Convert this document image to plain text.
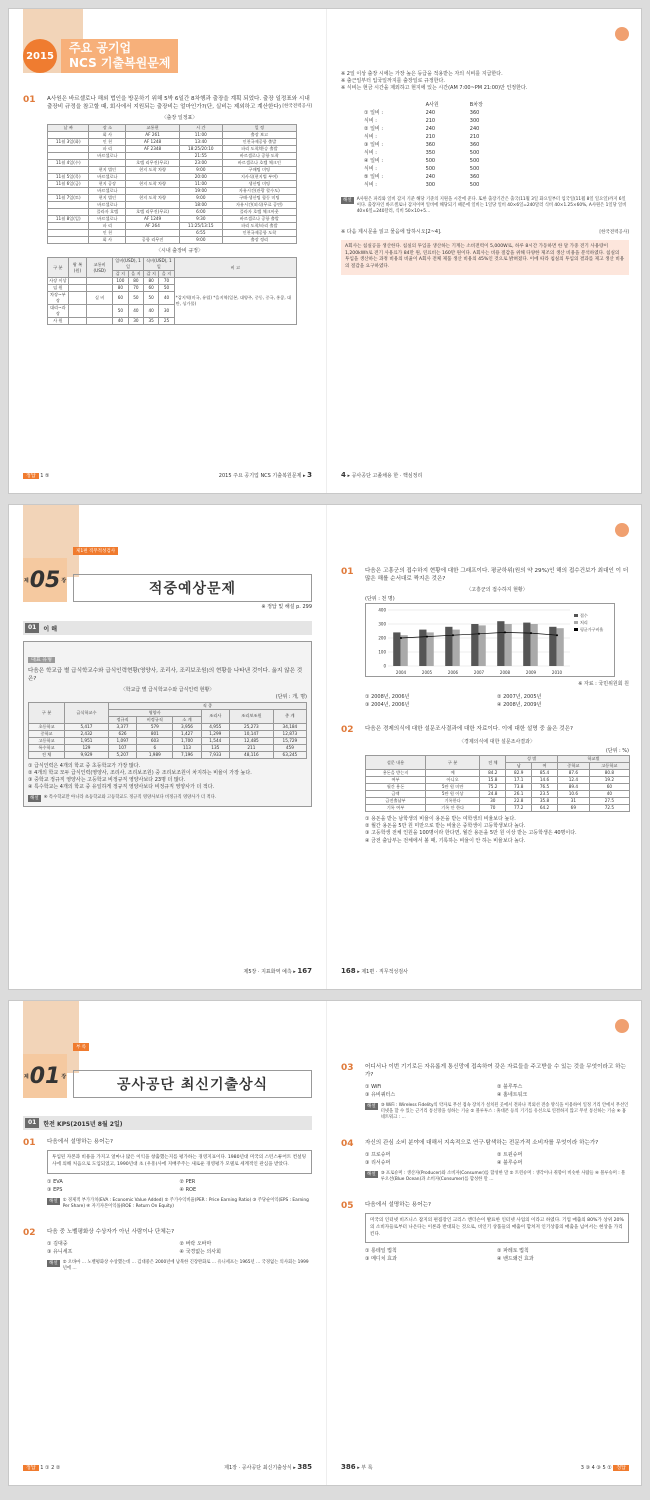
2015
주요 공기업
NCS 기출복원문제
01	A사원은 바르셀로나 해외 법인을 방문하기 위해 5박 6일간 8차행과 출장을 계획 되었다. 출장 일정표와 시내 출장비 규정을 참고할 때, 회사에서 지원되는 출장비는 얼마인가?(단, 실비는 제외하고 계산한다) [한국전력공사]
〈출장 일정표〉
날 짜	장 소	교통편	시 간	일 정
	회 사	AF 261	11:00	출장 보고
11월 3일(화)	인 천	AF 1248	13:40	인천국제공항 출발
	파 리	AF 2348	18:25/20:10	파리 도착/환승 출발
	바르셀로나		21:55	바르셀로나 공항 도착
11월 4일(수)		호텔 리무진(무료)	23:00	바르셀로나 호텔 체크인
	현지 법인	현지 도착 차량	9:00	구매팀 미팅
11월 5일(목)	바르셀로나		20:00	지사식(현지법 부여)
11월 6일(금)	현지 공장	현지 도착 차량	11:00	생산팀 미팅
	바르셀로나		19:00	자유시간(관광 할수도)
11월 7일(토)	현지 법인	현지 도착 차량	9:00	구매·생산팀 합동 미팅
	바르셀로나		18:00	자유시간(외식(무료 공연)
	플라자 호텔	호텔 리무진(무료)	6:00	플라자 호텔 체크아웃
11월 8일(일)	바르셀로나	AF 1249	9:30	바르셀로나 공항 출발
	파 리	AF 264	11:25/13:15	파리 도착/파리 출발
	인 천		6:55	인천국제공항 도착
	회 사	공항 리무진	9:00	출장 정리
〈시내 출장비 규정〉
구 분	왕 복(원)	교통비(USD)	일비(USD), 1일		식비(USD), 1일		비 고
			갑 지	을 지	갑 지	을 지	
사장 이상			100	80	80	70	*갑지역(미국, 유럽) *을지역(일본, 대양주, 중동, 중국, 홍콩, 대만, 싱가폴)
임 원			80	70	60	50	
차장~부장		실 비	60	50	50	40	
대리~과장			50	40	40	30	
사 원			40	30	35	25	
정답 1 ⑤	2015 주요 공기업 NCS 기출복원문제 ▸ 3
※ 2일 이상 출장 시에는 가장 높은 등급을 적용받는 자의 식비를 지급한다.
※ 출근일부터 입국일까지를 출장일로 규정한다.
※ 식비는 현금 시간을 제외하고 현지에 있는 시간(AM 7:00~PM 21:00)만 인정한다.
	A사원	B차장
① 일비 :	240	360
식비 :	210	300
② 일비 :	240	240
식비 :	210	210
③ 일비 :	360	360
식비 :	350	500
④ 일비 :	500	500
식비 :	500	500
⑤ 일비 :	240	360
식비 :	300	500
해설	A사원은 파리와 일비 갑지 기준 해당 기준의 지원을 시간에 준다. 또한 출장기간은 출국(11월 3일 화요일부터 입국일(11월 8일 일요일)까지 6일이다. 출장자인 바르셀로나 갑지이며 일비에 해당되기 때문에 일비는 1일당 일비 40×6일=240달러 식비 40×1.25×60%, A사원은 1일당 일비 40×6일=240달러, 식비 50×10+5…
※ 다음 제시문을 읽고 물음에 답하시오[2~4].	[한국전력공사]
A회사는 침실공을 생산한다. 침실의 투입을 생산하는 기계는 소비전력이 5,000W로, 하루 8시간 가동하면 한 달 가중 전기 사용량이 1,200kWh로 전기 사용료가 84만 원, 연료비는 160만 원이다. A회사는 비용 절감을 위해 다양한 제조의 생산 비용을 분석하였다. 침실의 투입을 생산하는 과정 비용의 비율이 A회사 전체 제품 생산 비용의 45%인 것으로 밝혀졌다. 이에 따라 침실의 투입의 결과를 제고 생산 비용의 절감을 요구하였다.
4 ▸ 공사공단 고졸채용 한 · 핵심정리
제1편 직무적성검사
제 05 장
적중예상문제
※ 정답 및 해설 p. 299
01	이 해
대표 유형
다음은 학교급 별 급식학교수와 급식인력현황(영양사, 조리사, 조리보조원)의 현황을 나타낸 것이다. 옳지 않은 것은?
〈학교급 별 급식학교수와 급식인력 현황〉
(단위 : 개, 명)
구 분	급식학교수	직 종					
		영양사			조리사	조리보조원	총 계
		정규직	비정규직	소 계			
초등학교	5,417	3,377	579	3,956	4,955	25,273	34,184
중학교	2,432	626	801	1,427	1,299	10,147	12,873
고등학교	1,951	1,097	603	1,700	1,544	12,485	15,729
특수학교	129	107	6	113	135	211	459
전 체	9,929	5,207	1,989	7,196	7,933	48,116	63,245
① 급식인력은 4개의 학교 중 초등학교가 가장 많다.
② 4개의 학교 모두 급식인력(영양사, 조리사, 조리보조원) 중 조리보조원이 차지하는 비율이 가장 높다.
③ 중학교 정규직 영양사는 고등학교 비정규직 영양사보다 23명 더 많다.
④ 특수학교는 4개의 학교 중 유일하게 정규직 영양사보다 비정규직 영양사가 더 적다.
해설	④ 특수학교만 아니라 초등학교와 고등학교도 정규직 영양사보다 비정규직 영양사가 더 적다.
제5장 · 지표화역 예측 ▸ 167
01	다음은 고흥군의 접수하지 현황에 대한 그래프이다. 평균하위(원의 약 29%)인 해의 접수건보가 최대인 이 더 많은 해를 순서대로 짝지은 것은?
〈고흥군의 접수하지 현황〉
(단위 : 천 명)
0
100
200
300
400
2004	2005	2006	2007	2008	2009	2010
접수
처리
평균가구비율
※ 자료 : 국민위원회 원
① 2008년, 2006년	② 2007년, 2005년
③ 2004년, 2006년	④ 2008년, 2009년
02	다음은 경제의식에 대한 설문조사결과에 대한 자료이다. 이에 대한 설명 중 옳은 것은?
〈경제의식에 대한 설문조사결과〉
(단위 : %)
설문 내용	구 분	전 체	성 별		학교별	
			남	여	중학교	고등학교
용돈을 받는지	예	84.2	82.9	85.4	87.6	80.8
여부	아니오	15.8	17.1	14.6	12.4	19.2
월간 용돈	5만 원 미만	75.2	73.8	76.5	89.4	60
금액	5만 원 이상	24.8	26.1	23.5	10.6	40
금전출납부	기록한다	30	22.8	35.8	31	27.5
기록 여부	기록 안 한다	70	77.2	64.2	69	72.5
① 용돈을 받는 남학생의 비율이 용돈을 받는 여학생의 비율보다 높다.
② 월간 용돈을 5만 원 미만으로 받는 비율은 중학생이 고등학생보다 높다.
③ 고등학생 전체 인원을 100명이라 한다면, 월간 용돈을 5만 원 이상 받는 고등학생은 40명이다.
④ 금전 출납부는 전체에서 볼 때, 기록하는 비율이 안 하는 비율보다 높다.
168 ▸ 제1편 · 직무적성검사
부 록
제 01 장
공사공단 최신기출상식
01	한전 KPS(2015년 8월 2일)
01	다음에서 설명하는 용어는?
투입된 자본과 비용을 가지고 얼마나 많은 이익을 창출했는지를 평가하는 경영지표이다. 1980년대 미국의 스턴스튜어트 컨설팅사에 의해 처음으로 도입되었고, 1990년대 초 (우흥)사에 지배주주는 새로운 경영평가 모델로 세계적인 관심을 받았다.
① EVA	② PER
③ EPS	④ ROE
해설	① 경제적 부가가치(EVA : Economic Value Added) ② 주가수익비율(PER : Price Earning Ratio) ③ 주당순이익(EPS : Earning Per Share) ④ 자기자본이익률(ROE : Return On Equity)
02	다음 중 노벨평화상 수상자가 아닌 사람이나 단체는?
① 김대중	② 버락 오바마
③ 유니세프	④ 국경없는 의사회
해설	② 오바마 … 노벨평화상 수상했는데 … 김대중은 2000년에 남북한 긴장완화로 … 유니세프는 1965년 … 국경없는 의사회는 1999년에 …
정답 1 ① 2 ②	제1장 · 공사공단 최신기출상식 ▸ 385
03	어디서나 이번 기기로든 자유롭게 통신망에 접속하여 갖은 자료들을 주고받을 수 있는 것을 무엇이라고 하는가?
① WiFi	② 블루투스
③ 유비쿼터스	④ 홈네트워크
해설	③ WiFi : Wireless Fidelity의 약자로 무선 접속 장치가 설치된 곳에서 전파나 적외선 전송 방식을 이용하여 일정 거리 안에서 무선인터넷을 할 수 있는 근거리 통신망을 칭하는 기술 ② 블루투스 : 휴대폰 등의 기기를 유선으로 연결하지 않고 무선 통신하는 기술 ④ 홈네트워크 : …
04	자신의 관심 소비 분야에 대해서 지속적으로 연구·탐색하는 전문가적 소비자를 무엇이라 하는가?
① 프로슈머	② 트윈슈머
③ 리서슈머	④ 블루슈머
해설	③ 프로슈머 : 생산자(Producer)와 소비자(Consumer)를 합성한 말 ② 트윈슈머 : 생각이나 취향이 비슷한 사람들 ④ 블루슈머 : 블루오션(Blue Ocean)과 소비자(Consumer)를 합성한 말 …
05	다음에서 설명하는 용어는?
미국의 인터넷 비즈니스 잡지의 편집장인 크리스 앤더슨이 발표한 인터넷 사업의 이라고 하였다. 기업 매출의 80%가 상위 20%의 소비자들로부터 나온다는 이론과 반대되는 것으로, 비인기 상품들의 매출이 합쳐져 인기상품의 매출을 넘어서는 현상을 가리킨다.
① 롱테일 법칙	② 파레토 법칙
③ 메디치 효과	④ 밴드왜건 효과
386 ▸ 부 록	3 ③ 4 ③ 5 ① 정답
